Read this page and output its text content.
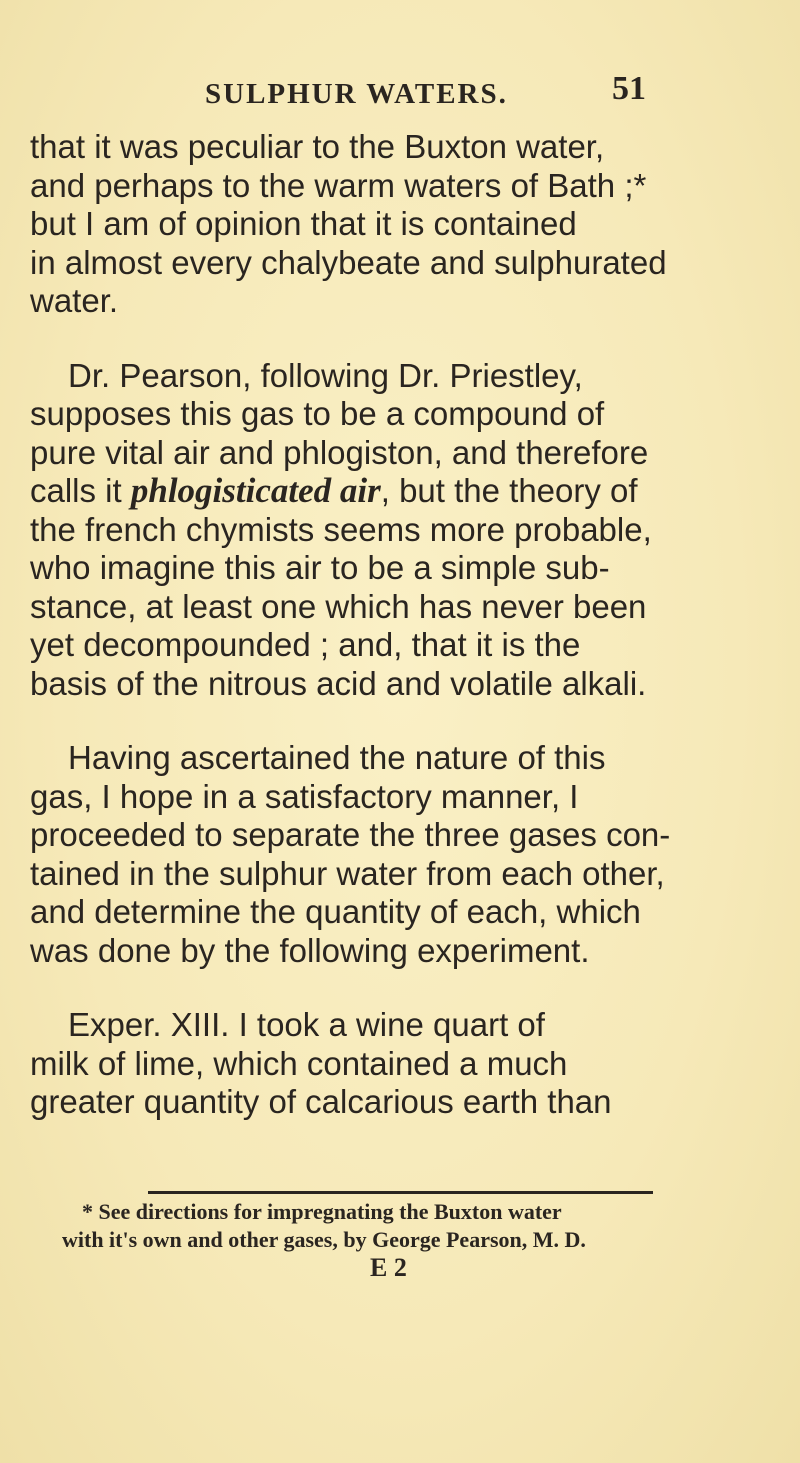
SULPHUR WATERS.	51

that it was peculiar to the Buxton water,

and perhaps to the warm waters of Bath ;*

but I am of opinion that it is contained

in almost every chalybeate and sulphurated

water.

Dr. Pearson, following Dr. Priestley,

supposes this gas to be a compound of

pure vital air and phlogiston, and therefore

calls it phlogisticated air, but the theory of

the french chymists seems more probable,

who imagine this air to be a simple sub-

stance, at least one which has never been

yet decompounded ; and, that it is the

basis of the nitrous acid and volatile alkali.

Having ascertained the nature of this

gas, I hope in a satisfactory manner, I

proceeded to separate the three gases con-

tained in the sulphur water from each other,

and determine the quantity of each, which

was done by the following experiment.

Exper. XIII. I took a wine quart of

milk of lime, which contained a much

greater quantity of calcarious earth than

* See directions for impregnating the Buxton water
with it's own and other gases, by George Pearson, M. D.
E 2
